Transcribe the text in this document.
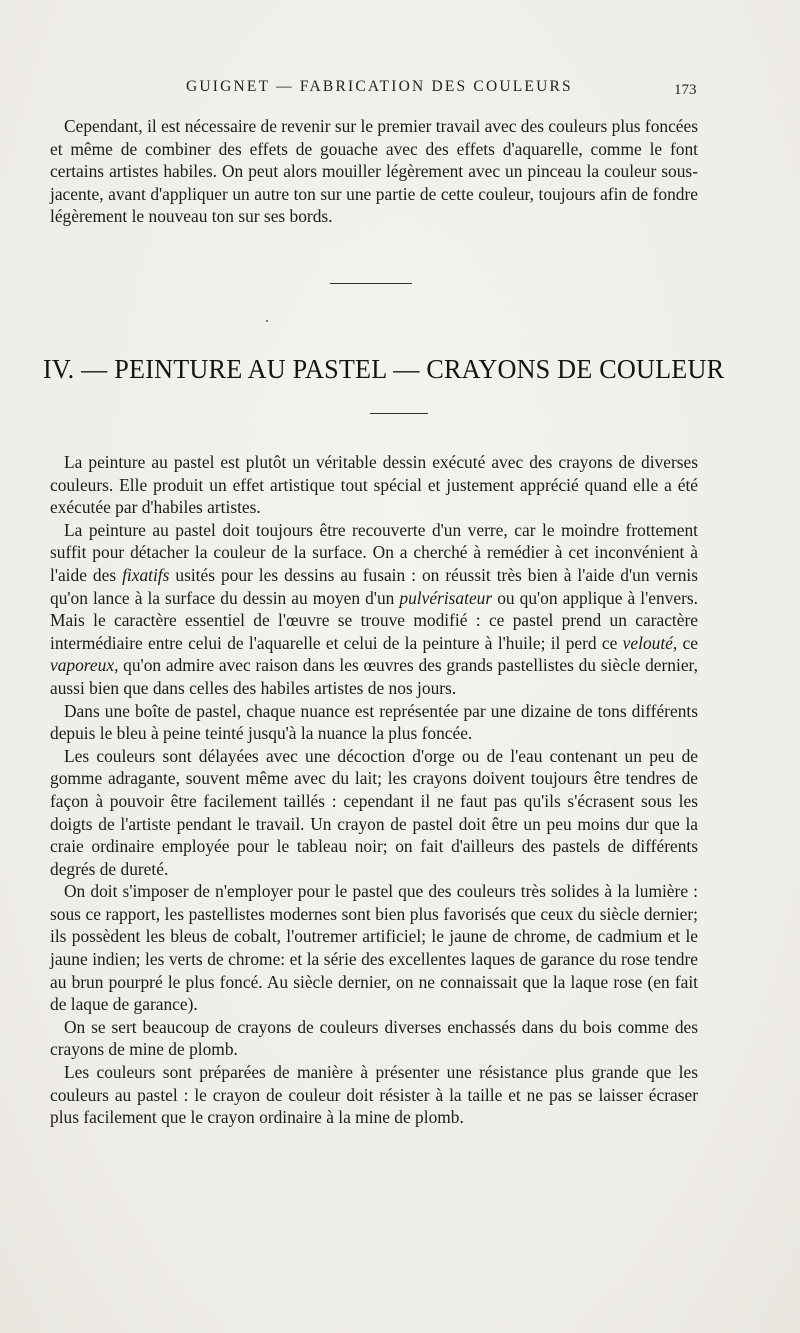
GUIGNET — FABRICATION DES COULEURS	173

Cependant, il est nécessaire de revenir sur le premier travail avec des couleurs plus foncées et même de combiner des effets de gouache avec des effets d'aquarelle, comme le font certains artistes habiles. On peut alors mouiller légèrement avec un pinceau la couleur sous-jacente, avant d'appliquer un autre ton sur une partie de cette couleur, toujours afin de fondre légèrement le nouveau ton sur ses bords.

IV. — PEINTURE AU PASTEL — CRAYONS DE COULEUR

La peinture au pastel est plutôt un véritable dessin exécuté avec des crayons de diverses couleurs. Elle produit un effet artistique tout spécial et justement apprécié quand elle a été exécutée par d'habiles artistes.

La peinture au pastel doit toujours être recouverte d'un verre, car le moindre frottement suffit pour détacher la couleur de la surface. On a cherché à remédier à cet inconvénient à l'aide des fixatifs usités pour les dessins au fusain : on réussit très bien à l'aide d'un vernis qu'on lance à la surface du dessin au moyen d'un pulvérisateur ou qu'on applique à l'envers. Mais le caractère essentiel de l'œuvre se trouve modifié : ce pastel prend un caractère intermédiaire entre celui de l'aquarelle et celui de la peinture à l'huile; il perd ce velouté, ce vaporeux, qu'on admire avec raison dans les œuvres des grands pastellistes du siècle dernier, aussi bien que dans celles des habiles artistes de nos jours.

Dans une boîte de pastel, chaque nuance est représentée par une dizaine de tons différents depuis le bleu à peine teinté jusqu'à la nuance la plus foncée.

Les couleurs sont délayées avec une décoction d'orge ou de l'eau contenant un peu de gomme adragante, souvent même avec du lait; les crayons doivent toujours être tendres de façon à pouvoir être facilement taillés : cependant il ne faut pas qu'ils s'écrasent sous les doigts de l'artiste pendant le travail. Un crayon de pastel doit être un peu moins dur que la craie ordinaire employée pour le tableau noir; on fait d'ailleurs des pastels de différents degrés de dureté.

On doit s'imposer de n'employer pour le pastel que des couleurs très solides à la lumière : sous ce rapport, les pastellistes modernes sont bien plus favorisés que ceux du siècle dernier; ils possèdent les bleus de cobalt, l'outremer artificiel; le jaune de chrome, de cadmium et le jaune indien; les verts de chrome: et la série des excellentes laques de garance du rose tendre au brun pourpré le plus foncé. Au siècle dernier, on ne connaissait que la laque rose (en fait de laque de garance).

On se sert beaucoup de crayons de couleurs diverses enchassés dans du bois comme des crayons de mine de plomb.

Les couleurs sont préparées de manière à présenter une résistance plus grande que les couleurs au pastel : le crayon de couleur doit résister à la taille et ne pas se laisser écraser plus facilement que le crayon ordinaire à la mine de plomb.
